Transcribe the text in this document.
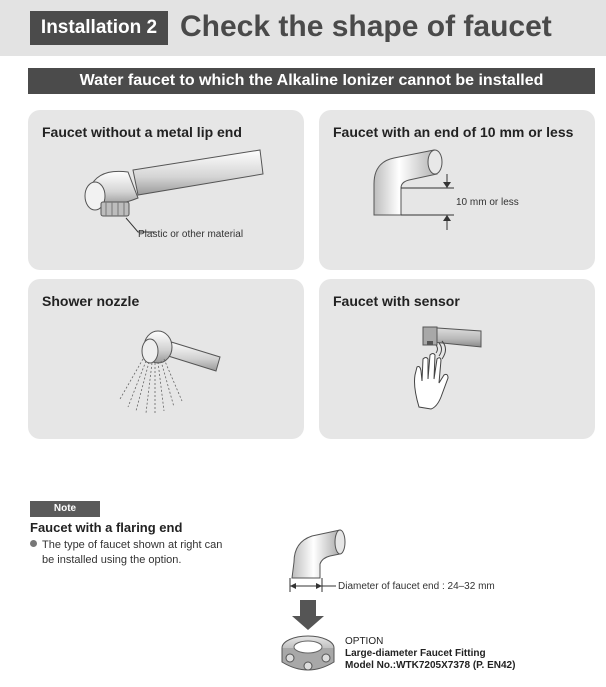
Installation 2 Check the shape of faucet
Water faucet to which the Alkaline Ionizer cannot be installed
Faucet without a metal lip end
Plastic or other material
Faucet with an end of 10 mm or less
10 mm or less
Shower nozzle	Faucet with sensor
Note
Faucet with a flaring end
The type of faucet shown at right can
be installed using the option.
Diameter of faucet end : 24–32 mm
OPTION
Large-diameter Faucet Fitting
Model No.:WTK7205X7378 (P. EN42)
